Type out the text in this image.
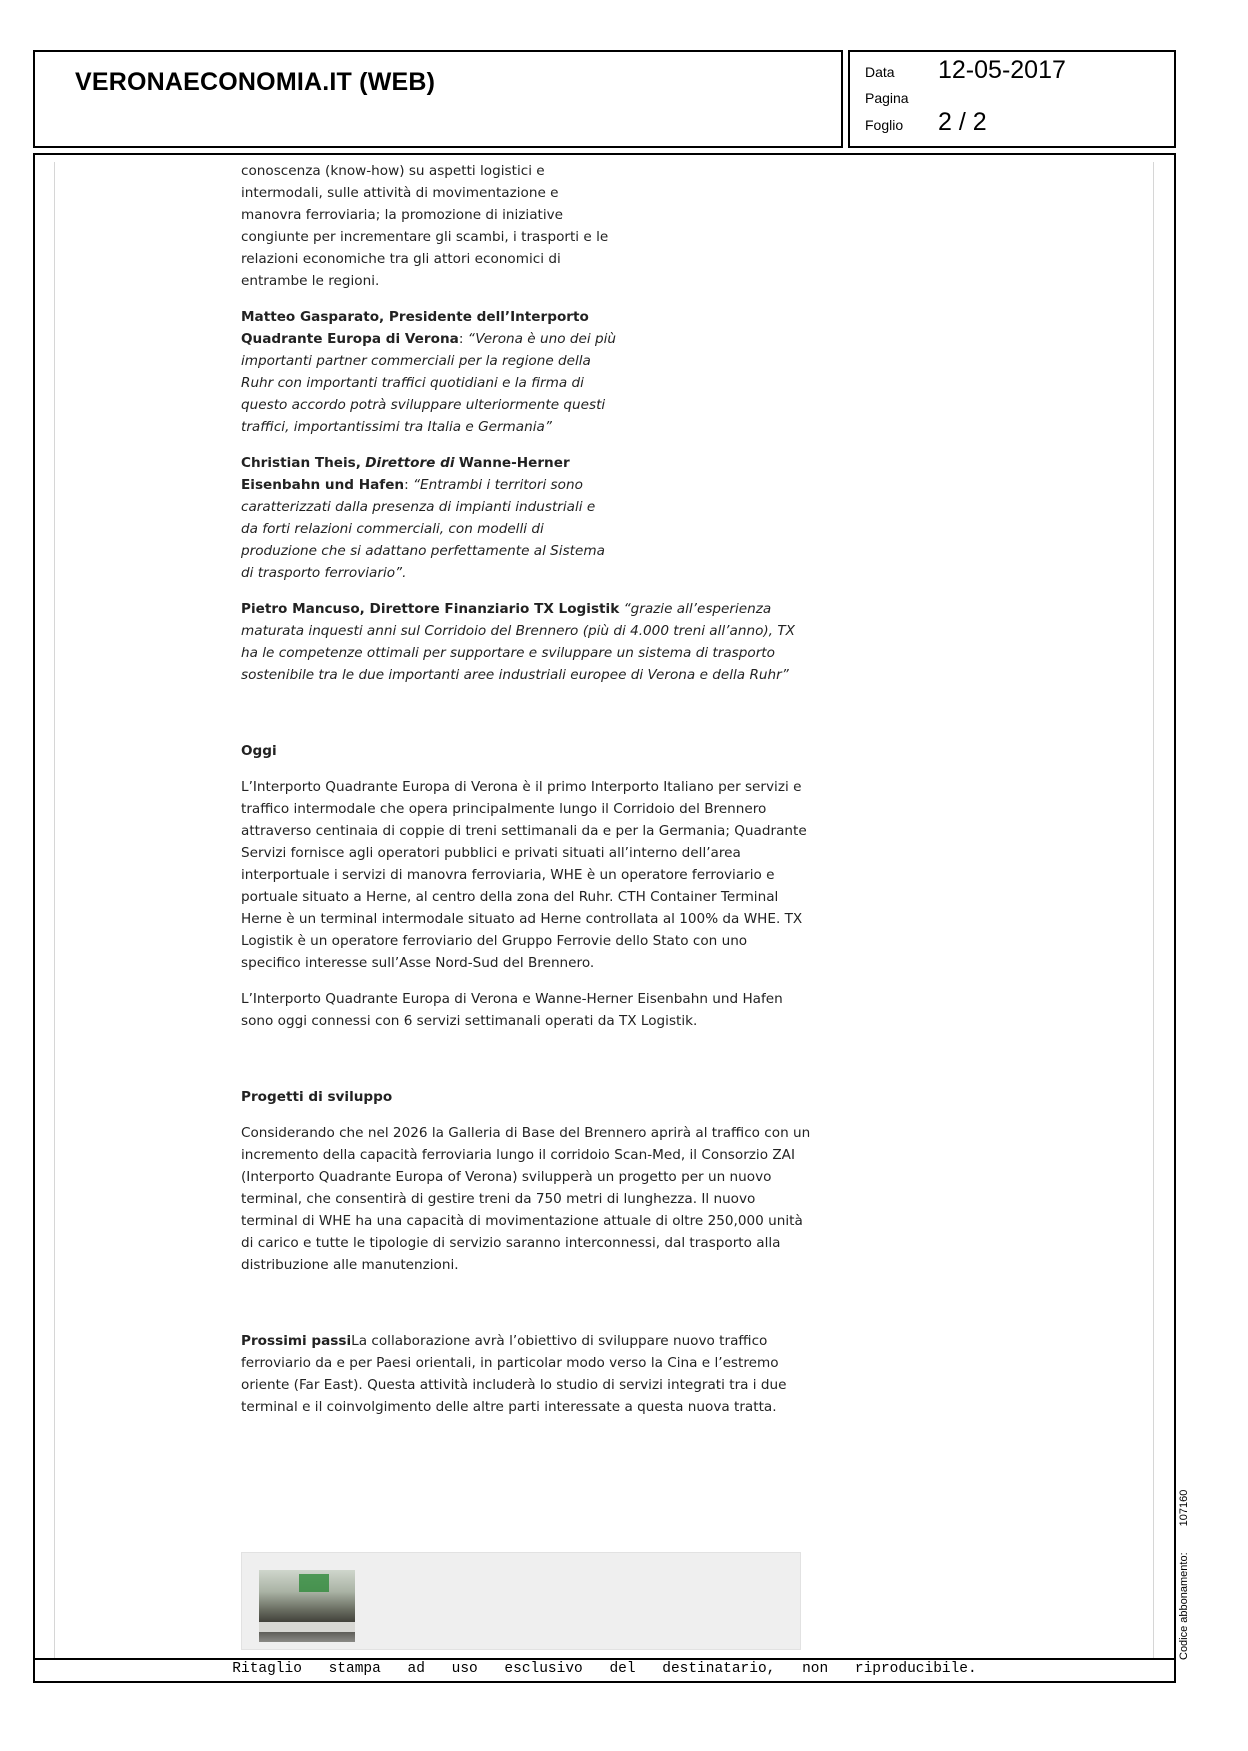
VERONAECONOMIA.IT (WEB)	Data 12-05-2017
Pagina
Foglio 2 / 2

conoscenza (know-how) su aspetti logistici e intermodali, sulle attività di movimentazione e manovra ferroviaria; la promozione di iniziative congiunte per incrementare gli scambi, i trasporti e le relazioni economiche tra gli attori economici di entrambe le regioni.

Matteo Gasparato, Presidente dell’Interporto Quadrante Europa di Verona: “Verona è uno dei più importanti partner commerciali per la regione della Ruhr con importanti traffici quotidiani e la firma di questo accordo potrà sviluppare ulteriormente questi traffici, importantissimi tra Italia e Germania”

Christian Theis, Direttore di Wanne-Herner Eisenbahn und Hafen: “Entrambi i territori sono caratterizzati dalla presenza di impianti industriali e da forti relazioni commerciali, con modelli di produzione che si adattano perfettamente al Sistema di trasporto ferroviario”.

Pietro Mancuso, Direttore Finanziario TX Logistik “grazie all’esperienza maturata inquesti anni sul Corridoio del Brennero (più di 4.000 treni all’anno), TX ha le competenze ottimali per supportare e sviluppare un sistema di trasporto sostenibile tra le due importanti aree industriali europee di Verona e della Ruhr”

Oggi

L’Interporto Quadrante Europa di Verona è il primo Interporto Italiano per servizi e traffico intermodale che opera principalmente lungo il Corridoio del Brennero attraverso centinaia di coppie di treni settimanali da e per la Germania; Quadrante Servizi fornisce agli operatori pubblici e privati situati all’interno dell’area interportuale i servizi di manovra ferroviaria, WHE è un operatore ferroviario e portuale situato a Herne, al centro della zona del Ruhr. CTH Container Terminal Herne è un terminal intermodale situato ad Herne controllata al 100% da WHE. TX Logistik è un operatore ferroviario del Gruppo Ferrovie dello Stato con uno specifico interesse sull’Asse Nord-Sud del Brennero.

L’Interporto Quadrante Europa di Verona e Wanne-Herner Eisenbahn und Hafen sono oggi connessi con 6 servizi settimanali operati da TX Logistik.

Progetti di sviluppo

Considerando che nel 2026 la Galleria di Base del Brennero aprirà al traffico con un incremento della capacità ferroviaria lungo il corridoio Scan-Med, il Consorzio ZAI (Interporto Quadrante Europa of Verona) svilupperà un progetto per un nuovo terminal, che consentirà di gestire treni da 750 metri di lunghezza. Il nuovo terminal di WHE ha una capacità di movimentazione attuale di oltre 250,000 unità di carico e tutte le tipologie di servizio saranno interconnessi, dal trasporto alla distribuzione alle manutenzioni.

Prossimi passiLa collaborazione avrà l’obiettivo di sviluppare nuovo traffico ferroviario da e per Paesi orientali, in particolar modo verso la Cina e l’estremo oriente (Far East). Questa attività includerà lo studio di servizi integrati tra i due terminal e il coinvolgimento delle altre parti interessate a questa nuova tratta.

Ritaglio stampa ad uso esclusivo del destinatario, non riproducibile.
Codice abbonamento:107160
